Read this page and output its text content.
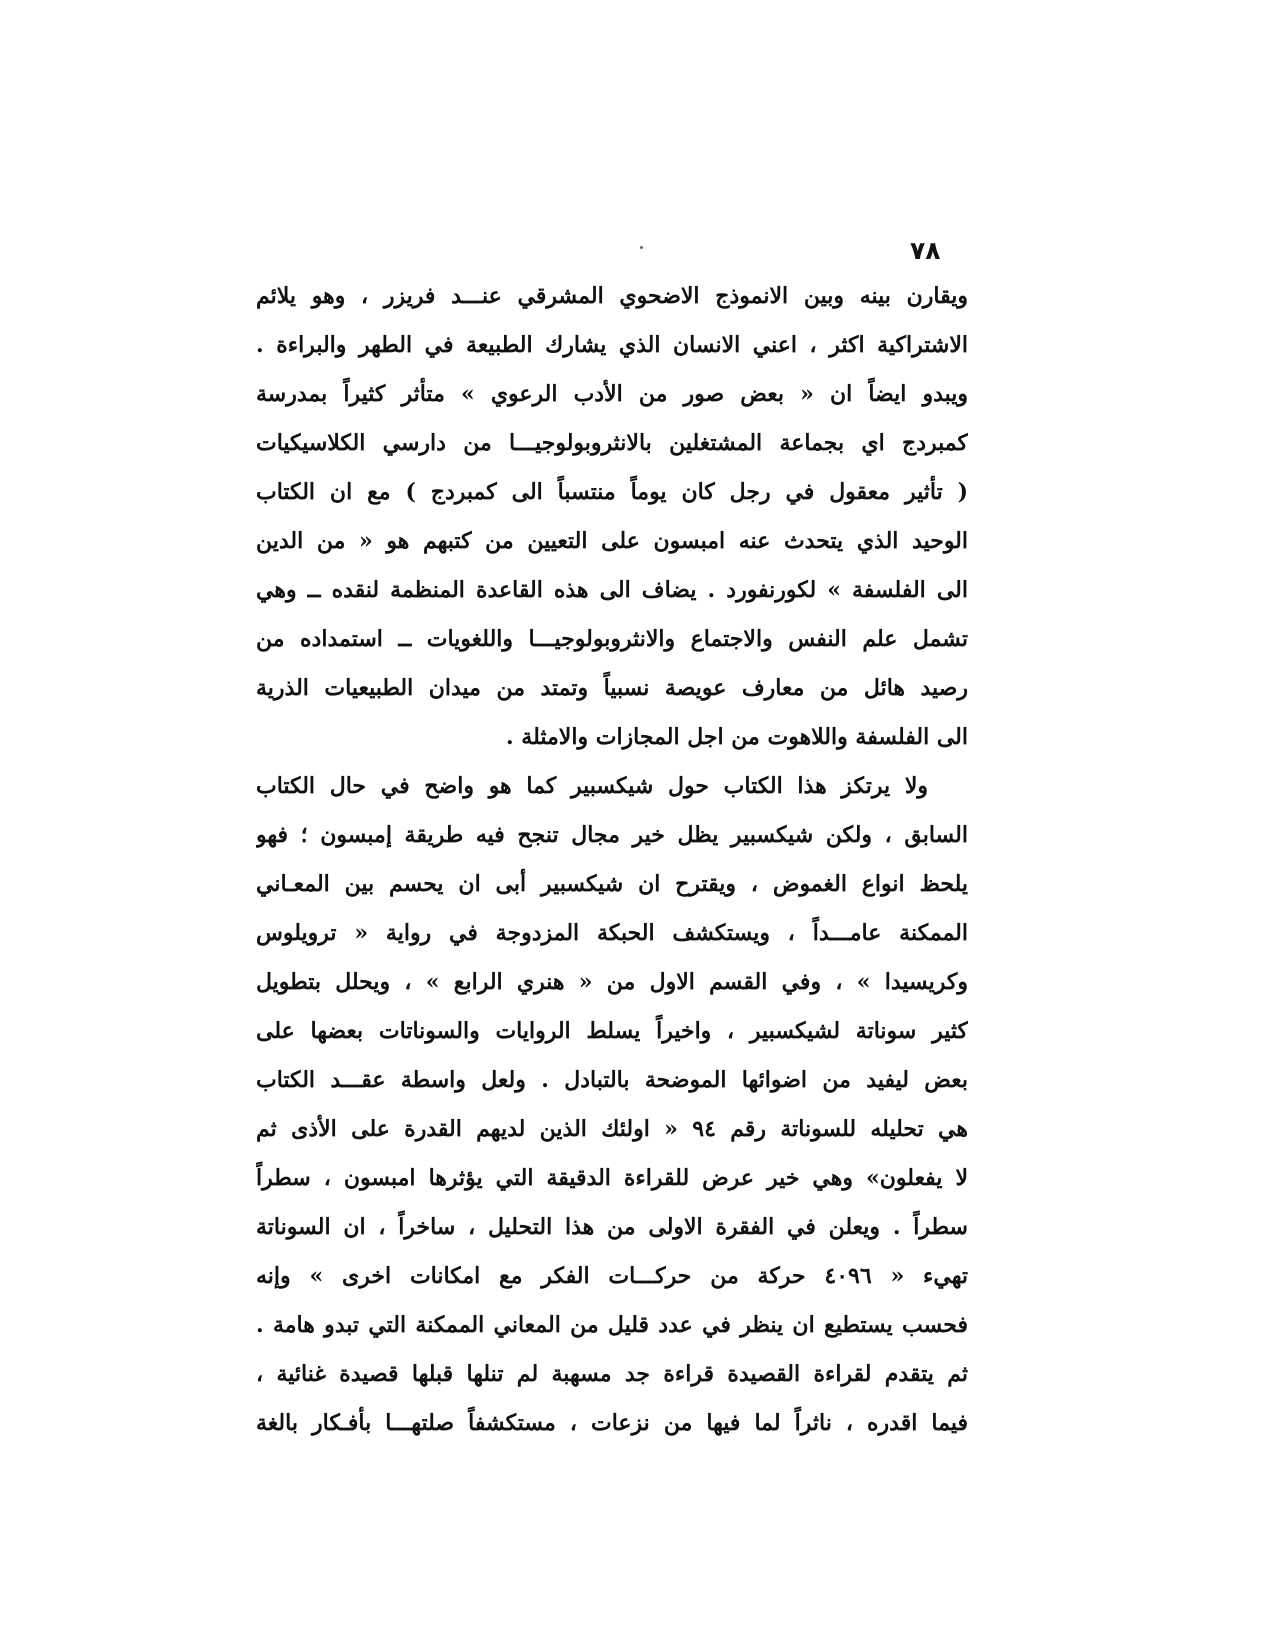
٧٨
ويقارن بينه وبين الانموذج الاضحوي المشرقي عنـــد فريزر ، وهو يلائم
الاشتراكية اكثر ، اعني الانسان الذي يشارك الطبيعة في الطهر والبراءة .
ويبدو ايضاً ان « بعض صور من الأدب الرعوي » متأثر كثيراً بمدرسة
كمبردج اي بجماعة المشتغلين بالانثروبولوجيـــا من دارسي الكلاسيكيات
( تأثير معقول في رجل كان يوماً منتسباً الى كمبردج ) مع ان الكتاب
الوحيد الذي يتحدث عنه امبسون على التعيين من كتبهم هو « من الدين
الى الفلسفة » لكورنفورد . يضاف الى هذه القاعدة المنظمة لنقده ــ وهي
تشمل علم النفس والاجتماع والانثروبولوجيـــا واللغويات ــ استمداده من
رصيد هائل من معارف عويصة نسبياً وتمتد من ميدان الطبيعيات الذرية
الى الفلسفة واللاهوت من اجل المجازات والامثلة .
ولا يرتكز هذا الكتاب حول شيكسبير كما هو واضح في حال الكتاب
السابق ، ولكن شيكسبير يظل خير مجال تنجح فيه طريقة إمبسون ؛ فهو
يلحظ انواع الغموض ، ويقترح ان شيكسبير أبى ان يحسم بين المعـاني
الممكنة عامـــداً ، ويستكشف الحبكة المزدوجة في رواية « ترويلوس
وكريسيدا » ، وفي القسم الاول من « هنري الرابع » ، ويحلل بتطويل
كثير سوناتة لشيكسبير ، واخيراً يسلط الروايات والسوناتات بعضها على
بعض ليفيد من اضوائها الموضحة بالتبادل . ولعل واسطة عقـــد الكتاب
هي تحليله للسوناتة رقم ٩٤ « اولئك الذين لديهم القدرة على الأذى ثم
لا يفعلون» وهي خير عرض للقراءة الدقيقة التي يؤثرها امبسون ، سطراً
سطراً . ويعلن في الفقرة الاولى من هذا التحليل ، ساخراً ، ان السوناتة
تهيء « ٤٠٩٦ حركة من حركـــات الفكر مع امكانات اخرى » وإنه
فحسب يستطيع ان ينظر في عدد قليل من المعاني الممكنة التي تبدو هامة .
ثم يتقدم لقراءة القصيدة قراءة جد مسهبة لم تنلها قبلها قصيدة غنائية ،
فيما اقدره ، ناثراً لما فيها من نزعات ، مستكشفاً صلتهـــا بأفـكار بالغة
